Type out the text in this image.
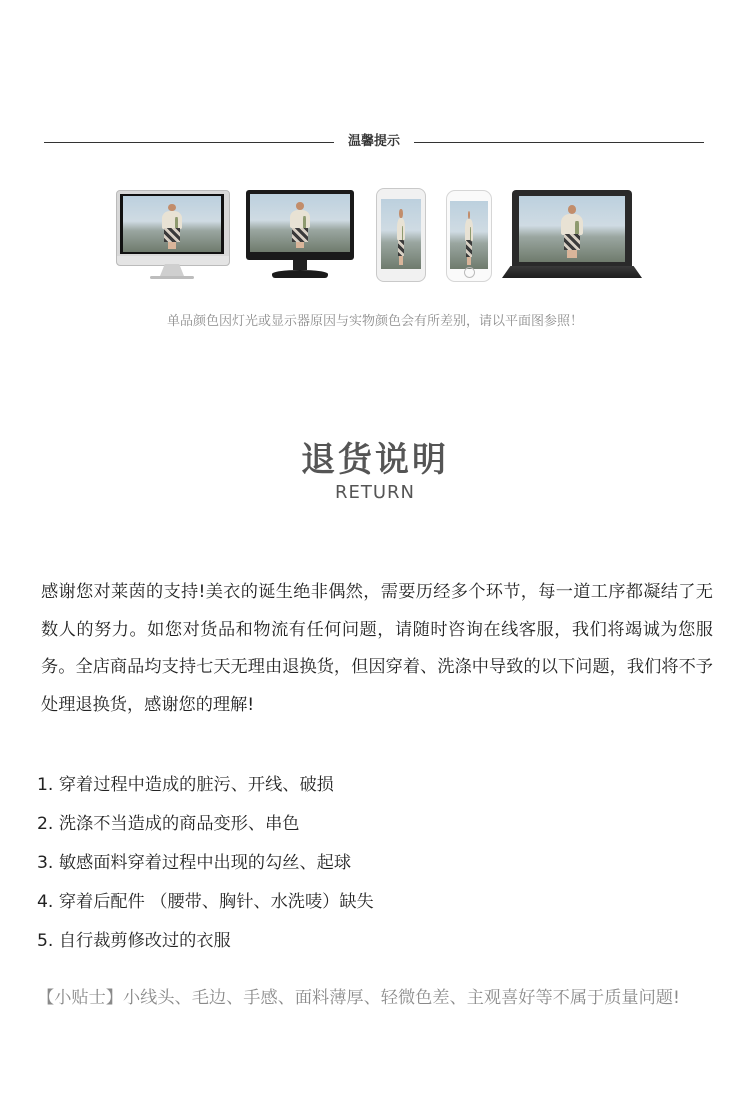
温馨提示
单品颜色因灯光或显示器原因与实物颜色会有所差别，请以平面图参照！
退货说明
RETURN

感谢您对莱茵的支持!美衣的诞生绝非偶然，需要历经多个环节，每一道工序都凝结了无数人的努力。如您对货品和物流有任何问题，请随时咨询在线客服，我们将竭诚为您服务。全店商品均支持七天无理由退换货，但因穿着、洗涤中导致的以下问题，我们将不予处理退换货，感谢您的理解!

1. 穿着过程中造成的脏污、开线、破损
2. 洗涤不当造成的商品变形、串色
3. 敏感面料穿着过程中出现的勾丝、起球
4. 穿着后配件 （腰带、胸针、水洗唛）缺失
5. 自行裁剪修改过的衣服

【小贴士】小线头、毛边、手感、面料薄厚、轻微色差、主观喜好等不属于质量问题!
